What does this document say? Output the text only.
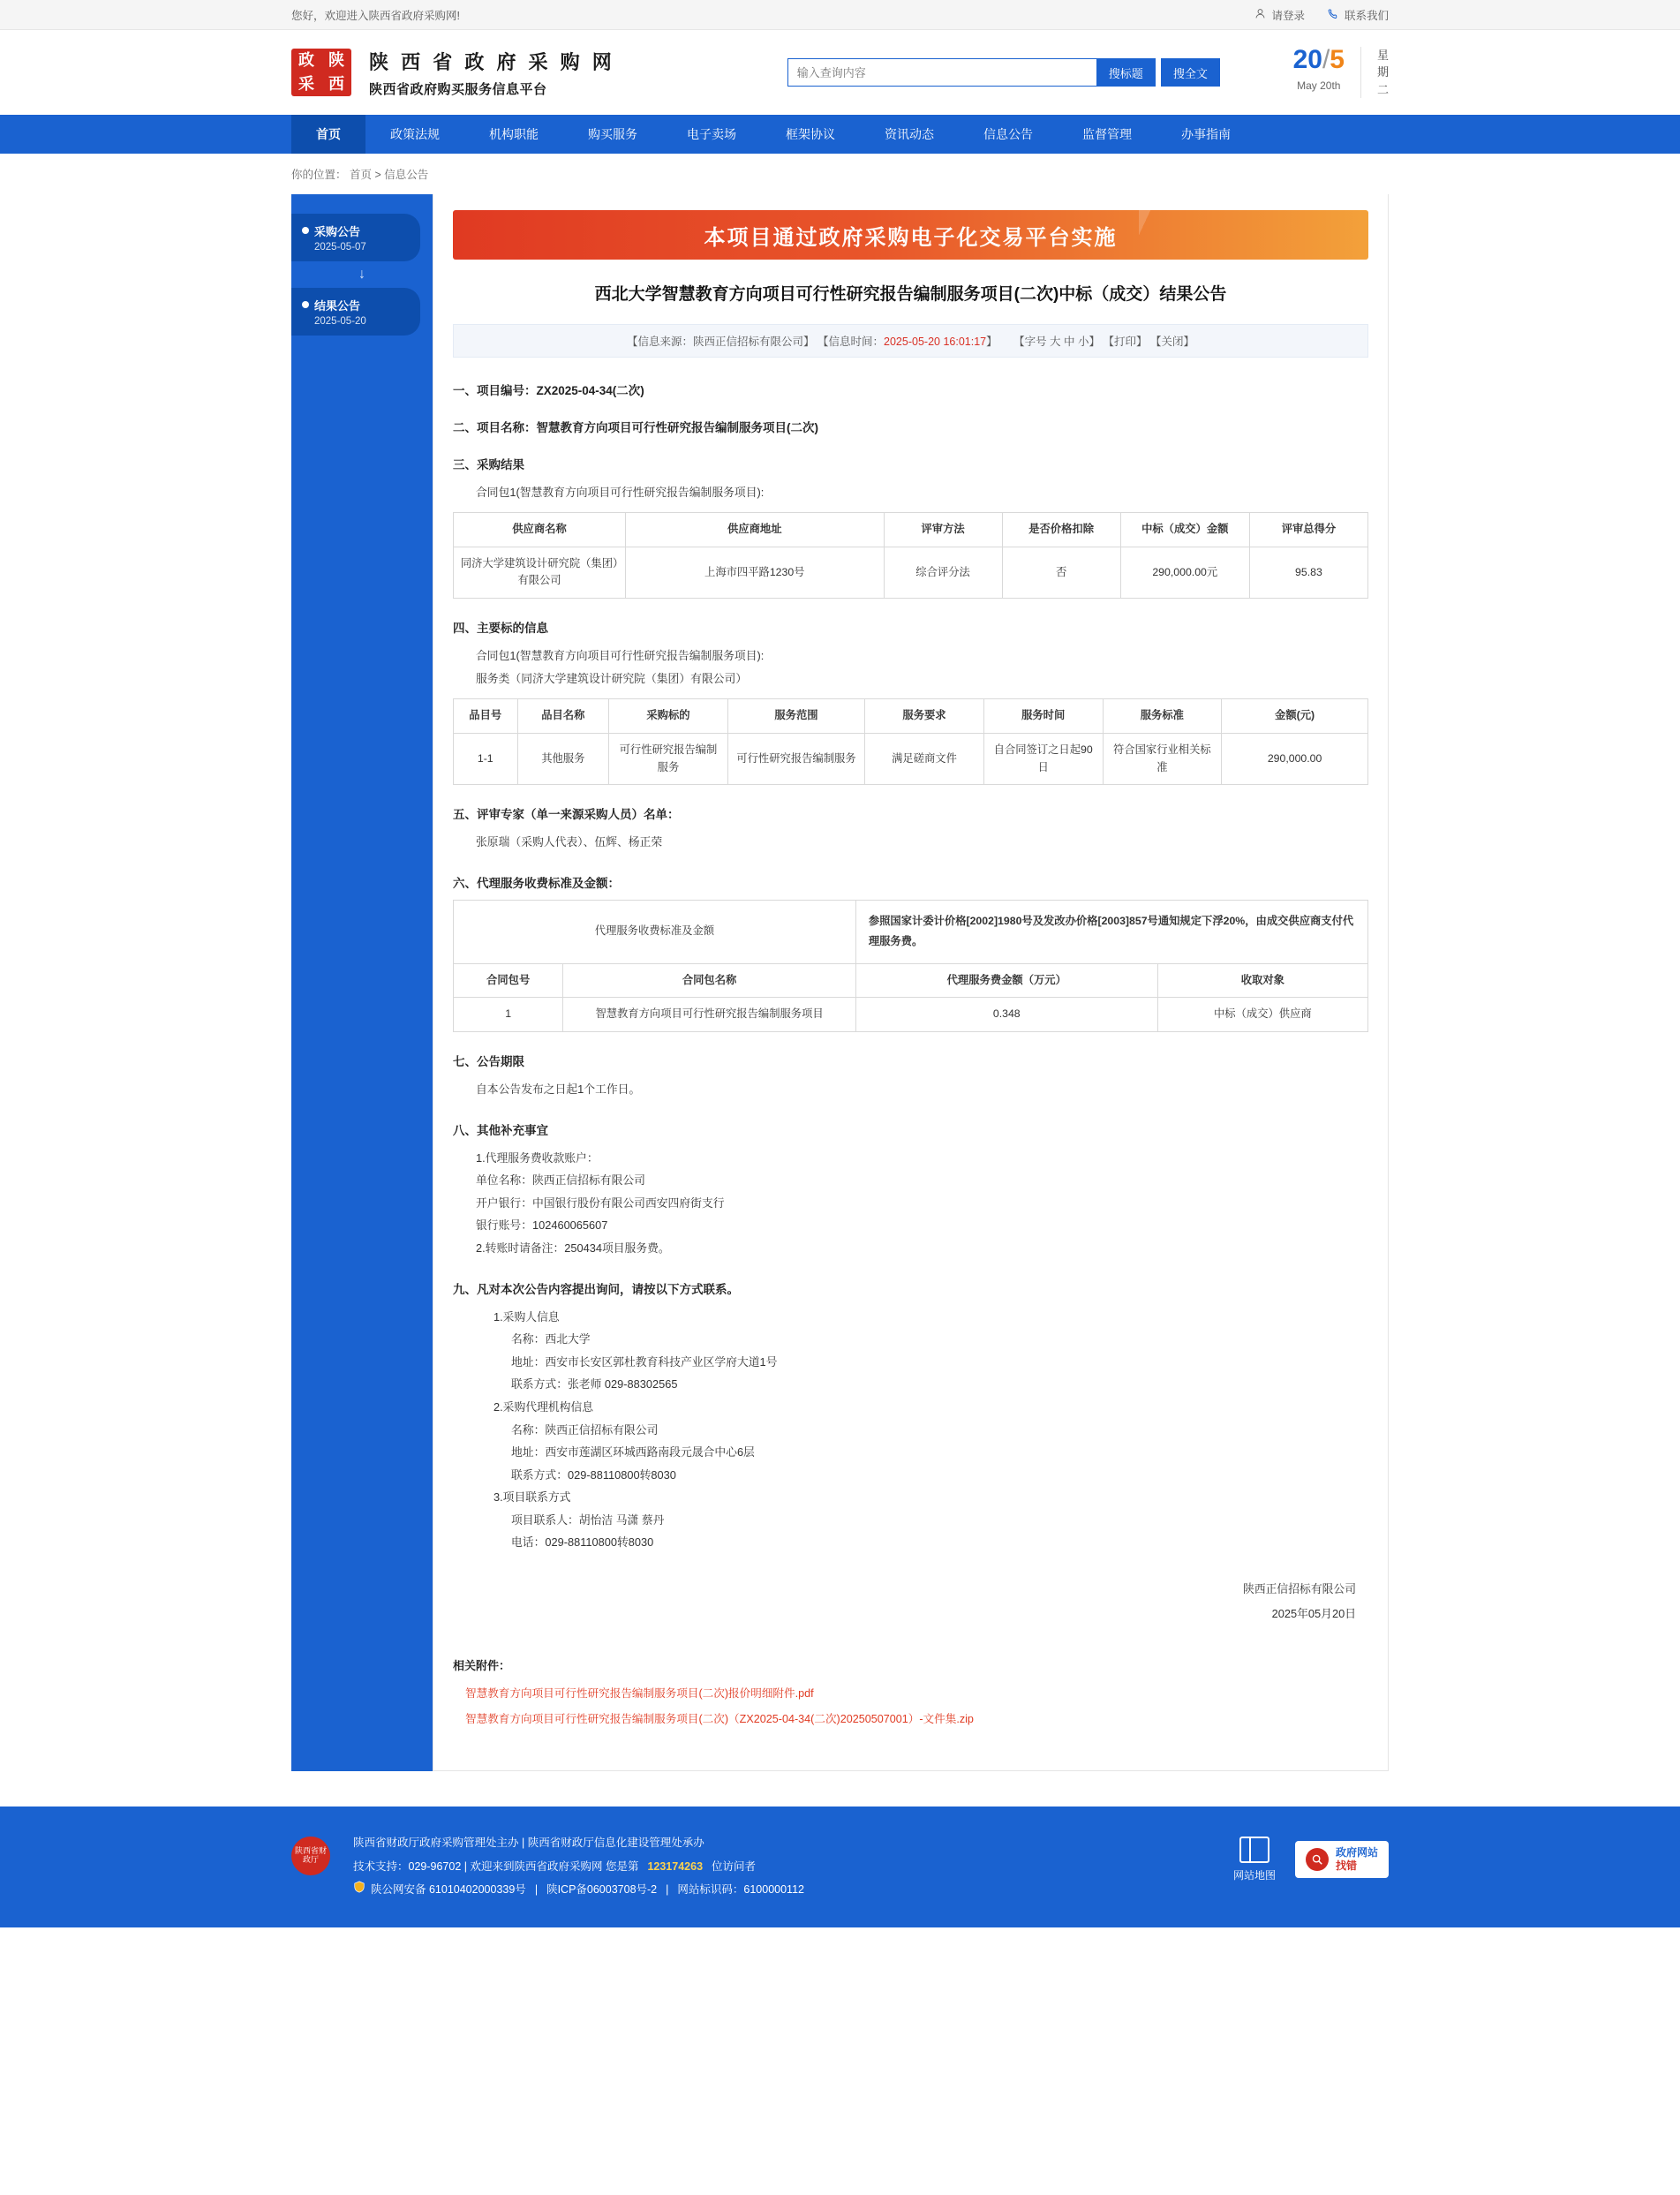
您好，欢迎进入陕西省政府采购网!	请登录	联系我们
政 陕
采 西
陕 西 省 政 府 采 购 网
陕西省政府购买服务信息平台
输入查询内容
搜标题	搜全文	20/5
May 20th
星
期
二
首页	政策法规	机构职能	购买服务	电子卖场	框架协议	资讯动态	信息公告	监督管理	办事指南
你的位置： 首页 > 信息公告
采购公告
2025-05-07
↓
结果公告
2025-05-20
本项目通过政府采购电子化交易平台实施
西北大学智慧教育方向项目可行性研究报告编制服务项目(二次)中标（成交）结果公告
【信息来源：陕西正信招标有限公司】 【信息时间：2025-05-20 16:01:17】 【字号 大 中 小】 【打印】 【关闭】
一、项目编号：ZX2025-04-34(二次)
二、项目名称：智慧教育方向项目可行性研究报告编制服务项目(二次)
三、采购结果
合同包1(智慧教育方向项目可行性研究报告编制服务项目):
供应商名称	供应商地址	评审方法	是否价格扣除	中标（成交）金额	评审总得分
同济大学建筑设计研究院（集团）有限公司	上海市四平路1230号	综合评分法	否	290,000.00元	95.83
四、主要标的信息
合同包1(智慧教育方向项目可行性研究报告编制服务项目):
服务类（同济大学建筑设计研究院（集团）有限公司）
品目号	品目名称	采购标的	服务范围	服务要求	服务时间	服务标准	金额(元)
1-1	其他服务	可行性研究报告编制服务	可行性研究报告编制服务	满足磋商文件	自合同签订之日起90日	符合国家行业相关标准	290,000.00
五、评审专家（单一来源采购人员）名单：
张原瑞（采购人代表）、伍辉、杨正荣
六、代理服务收费标准及金额：
代理服务收费标准及金额		参照国家计委计价格[2002]1980号及发改办价格[2003]857号通知规定下浮20%，由成交供应商支付代理服务费。	
合同包号	合同包名称	代理服务费金额（万元）	收取对象
1	智慧教育方向项目可行性研究报告编制服务项目	0.348	中标（成交）供应商
七、公告期限
自本公告发布之日起1个工作日。
八、其他补充事宜
1.代理服务费收款账户：
单位名称：陕西正信招标有限公司
开户银行：中国银行股份有限公司西安四府街支行
银行账号：102460065607
2.转账时请备注：250434项目服务费。
九、凡对本次公告内容提出询问，请按以下方式联系。
1.采购人信息
名称：西北大学
地址：西安市长安区郭杜教育科技产业区学府大道1号
联系方式：张老师 029-88302565
2.采购代理机构信息
名称：陕西正信招标有限公司
地址：西安市莲湖区环城西路南段元晟合中心6层
联系方式：029-88110800转8030
3.项目联系方式
项目联系人：胡怡洁 马潇 蔡丹
电话：029-88110800转8030
陕西正信招标有限公司
2025年05月20日
相关附件：
智慧教育方向项目可行性研究报告编制服务项目(二次)报价明细附件.pdf
智慧教育方向项目可行性研究报告编制服务项目(二次)（ZX2025-04-34(二次)20250507001）-文件集.zip
陕西省财政厅
陕西省财政厅政府采购管理处主办 | 陕西省财政厅信息化建设管理处承办
技术支持：029-96702 | 欢迎来到陕西省政府采购网 您是第 123174263 位访问者
陕公网安备 61010402000339号 | 陕ICP备06003708号-2 | 网站标识码：6100000112
网站地图
政府网站
找错
